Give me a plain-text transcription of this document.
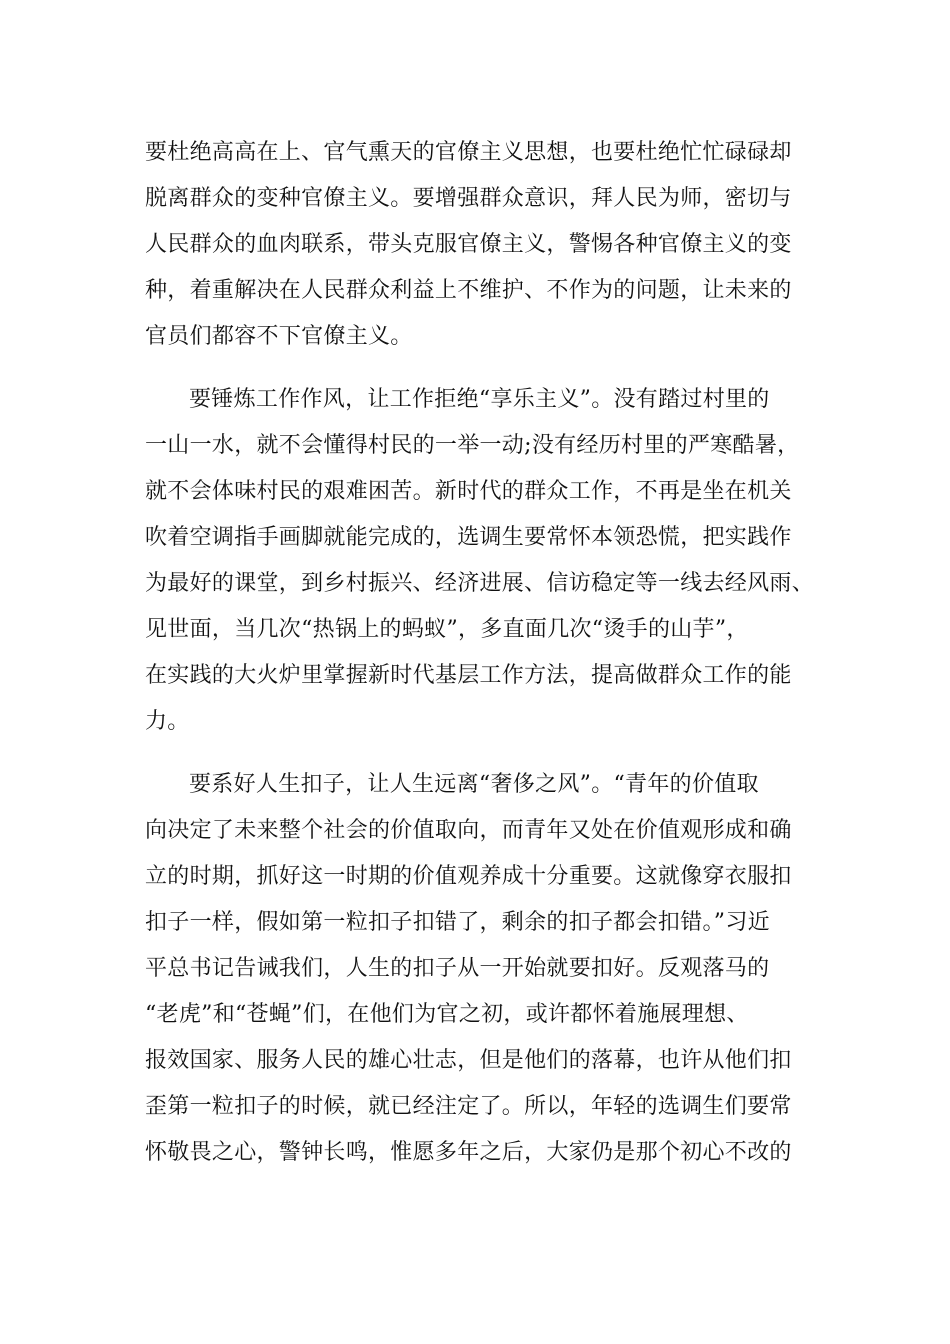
要杜绝高高在上、官气熏天的官僚主义思想，也要杜绝忙忙碌碌却
脱离群众的变种官僚主义。要增强群众意识，拜人民为师，密切与
人民群众的血肉联系，带头克服官僚主义，警惕各种官僚主义的变
种，着重解决在人民群众利益上不维护、不作为的问题，让未来的
官员们都容不下官僚主义。
要锤炼工作作风，让工作拒绝“享乐主义”。没有踏过村里的
一山一水，就不会懂得村民的一举一动;没有经历村里的严寒酷暑，
就不会体味村民的艰难困苦。新时代的群众工作，不再是坐在机关
吹着空调指手画脚就能完成的，选调生要常怀本领恐慌，把实践作
为最好的课堂，到乡村振兴、经济进展、信访稳定等一线去经风雨、
见世面，当几次“热锅上的蚂蚁”，多直面几次“烫手的山芋”，
在实践的大火炉里掌握新时代基层工作方法，提高做群众工作的能
力。
要系好人生扣子，让人生远离“奢侈之风”。“青年的价值取
向决定了未来整个社会的价值取向，而青年又处在价值观形成和确
立的时期，抓好这一时期的价值观养成十分重要。这就像穿衣服扣
扣子一样，假如第一粒扣子扣错了，剩余的扣子都会扣错。”习近
平总书记告诫我们，人生的扣子从一开始就要扣好。反观落马的
“老虎”和“苍蝇”们，在他们为官之初，或许都怀着施展理想、
报效国家、服务人民的雄心壮志，但是他们的落幕，也许从他们扣
歪第一粒扣子的时候，就已经注定了。所以，年轻的选调生们要常
怀敬畏之心，警钟长鸣，惟愿多年之后，大家仍是那个初心不改的
